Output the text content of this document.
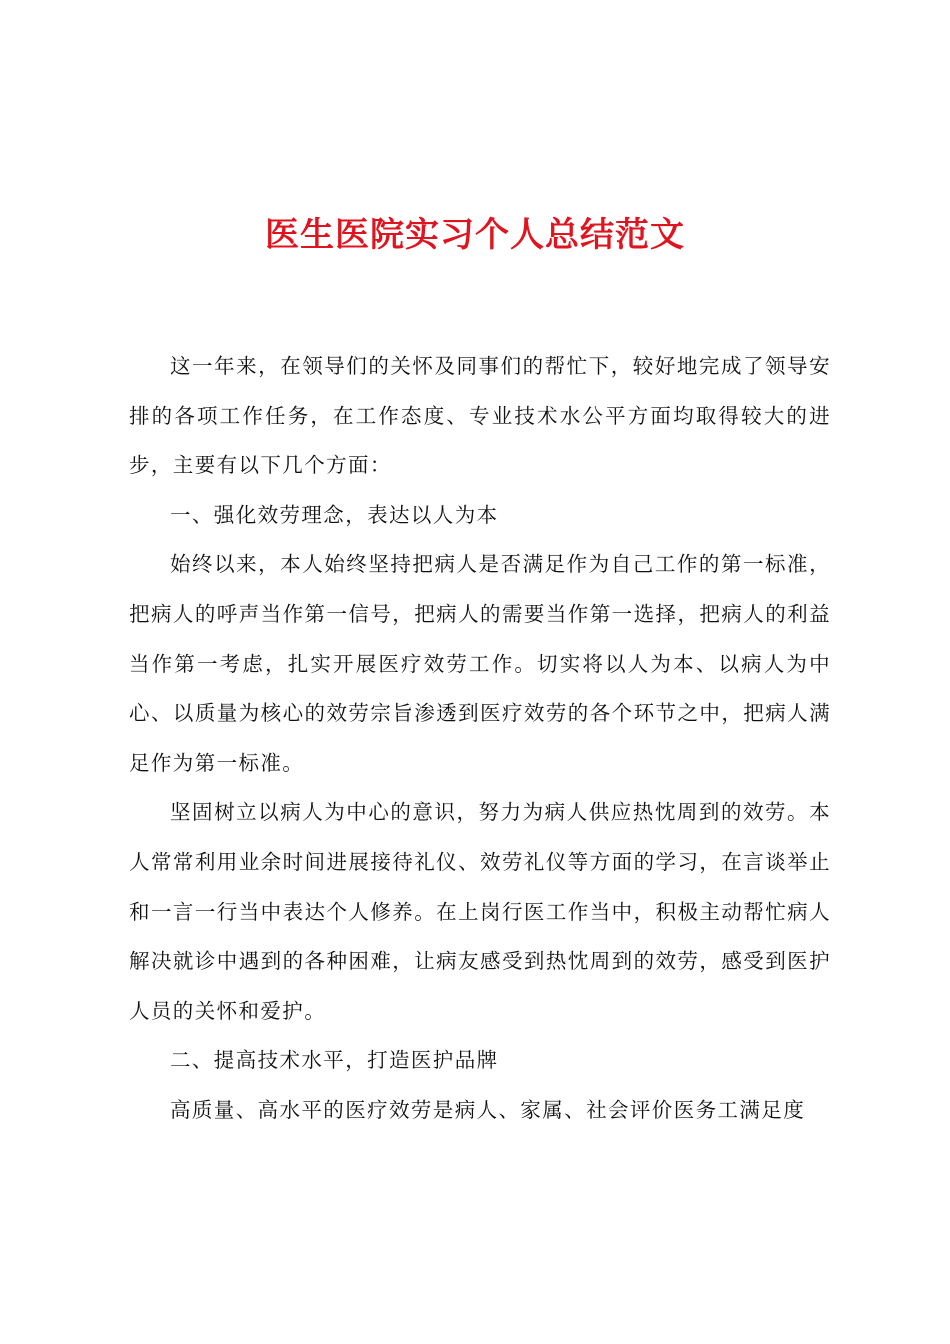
医生医院实习个人总结范文

这一年来，在领导们的关怀及同事们的帮忙下，较好地完成了领导安排的各项工作任务，在工作态度、专业技术水公平方面均取得较大的进步，主要有以下几个方面：

一、强化效劳理念，表达以人为本

始终以来，本人始终坚持把病人是否满足作为自己工作的第一标准，把病人的呼声当作第一信号，把病人的需要当作第一选择，把病人的利益当作第一考虑，扎实开展医疗效劳工作。切实将以人为本、以病人为中心、以质量为核心的效劳宗旨渗透到医疗效劳的各个环节之中，把病人满足作为第一标准。

坚固树立以病人为中心的意识，努力为病人供应热忱周到的效劳。本人常常利用业余时间进展接待礼仪、效劳礼仪等方面的学习，在言谈举止和一言一行当中表达个人修养。在上岗行医工作当中，积极主动帮忙病人解决就诊中遇到的各种困难，让病友感受到热忱周到的效劳，感受到医护人员的关怀和爱护。

二、提高技术水平，打造医护品牌

高质量、高水平的医疗效劳是病人、家属、社会评价医务工满足度
